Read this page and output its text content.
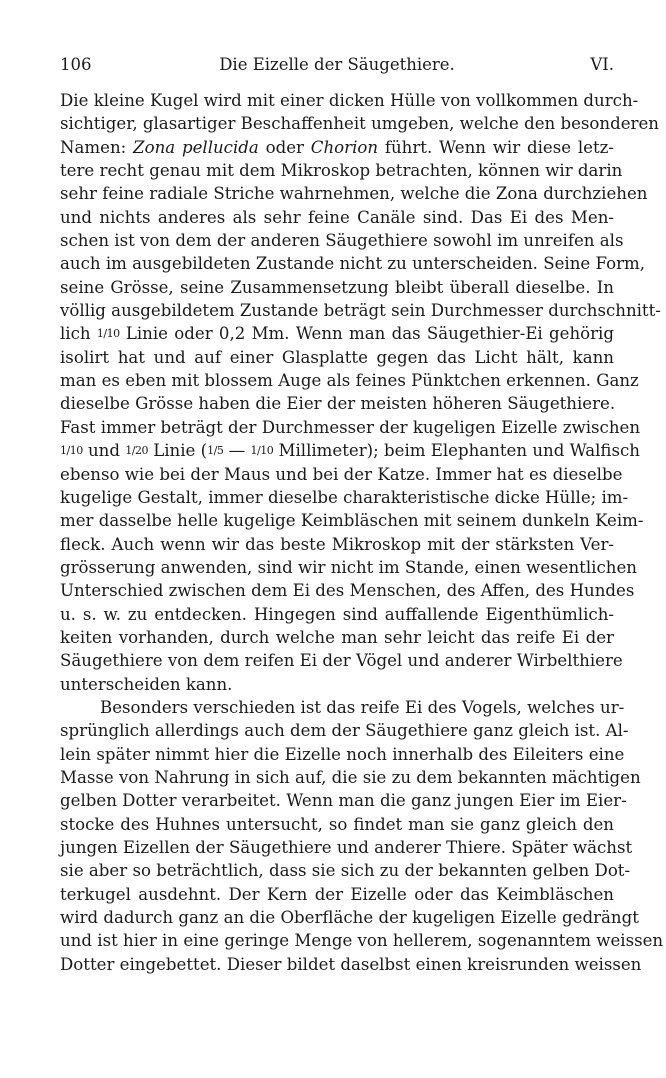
106	Die Eizelle der Säugethiere.	VI.
Die kleine Kugel wird mit einer dicken Hülle von vollkommen durch-
sichtiger, glasartiger Beschaffenheit umgeben, welche den besonderen
Namen: Zona pellucida oder Chorion führt. Wenn wir diese letz-
tere recht genau mit dem Mikroskop betrachten, können wir darin
sehr feine radiale Striche wahrnehmen, welche die Zona durchziehen
und nichts anderes als sehr feine Canäle sind. Das Ei des Men-
schen ist von dem der anderen Säugethiere sowohl im unreifen als
auch im ausgebildeten Zustande nicht zu unterscheiden. Seine Form,
seine Grösse, seine Zusammensetzung bleibt überall dieselbe. In
völlig ausgebildetem Zustande beträgt sein Durchmesser durchschnitt-
lich 1/10 Linie oder 0,2 Mm. Wenn man das Säugethier-Ei gehörig
isolirt hat und auf einer Glasplatte gegen das Licht hält, kann
man es eben mit blossem Auge als feines Pünktchen erkennen. Ganz
dieselbe Grösse haben die Eier der meisten höheren Säugethiere.
Fast immer beträgt der Durchmesser der kugeligen Eizelle zwischen
1/10 und 1/20 Linie (1/5 — 1/10 Millimeter); beim Elephanten und Walfisch
ebenso wie bei der Maus und bei der Katze. Immer hat es dieselbe
kugelige Gestalt, immer dieselbe charakteristische dicke Hülle; im-
mer dasselbe helle kugelige Keimbläschen mit seinem dunkeln Keim-
fleck. Auch wenn wir das beste Mikroskop mit der stärksten Ver-
grösserung anwenden, sind wir nicht im Stande, einen wesentlichen
Unterschied zwischen dem Ei des Menschen, des Affen, des Hundes
u. s. w. zu entdecken. Hingegen sind auffallende Eigenthümlich-
keiten vorhanden, durch welche man sehr leicht das reife Ei der
Säugethiere von dem reifen Ei der Vögel und anderer Wirbelthiere
unterscheiden kann.
Besonders verschieden ist das reife Ei des Vogels, welches ur-
sprünglich allerdings auch dem der Säugethiere ganz gleich ist. Al-
lein später nimmt hier die Eizelle noch innerhalb des Eileiters eine
Masse von Nahrung in sich auf, die sie zu dem bekannten mächtigen
gelben Dotter verarbeitet. Wenn man die ganz jungen Eier im Eier-
stocke des Huhnes untersucht, so findet man sie ganz gleich den
jungen Eizellen der Säugethiere und anderer Thiere. Später wächst
sie aber so beträchtlich, dass sie sich zu der bekannten gelben Dot-
terkugel ausdehnt. Der Kern der Eizelle oder das Keimbläschen
wird dadurch ganz an die Oberfläche der kugeligen Eizelle gedrängt
und ist hier in eine geringe Menge von hellerem, sogenanntem weissen
Dotter eingebettet. Dieser bildet daselbst einen kreisrunden weissen
